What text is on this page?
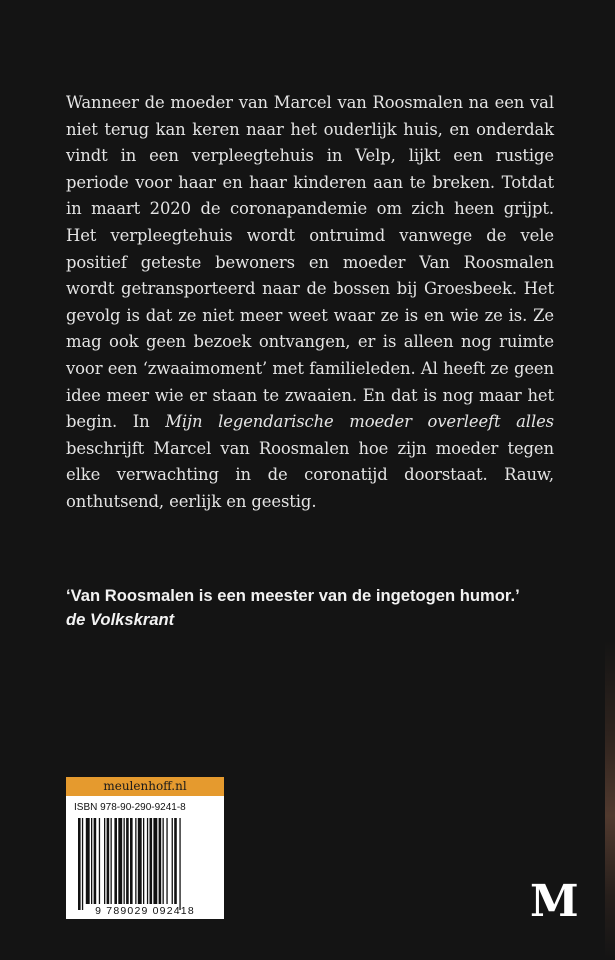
Wanneer de moeder van Marcel van Roosmalen na een val niet terug kan keren naar het ouderlijk huis, en onderdak vindt in een verpleegtehuis in Velp, lijkt een rustige periode voor haar en haar kinderen aan te breken. Totdat in maart 2020 de coronapandemie om zich heen grijpt. Het verpleegtehuis wordt ontruimd vanwege de vele positief geteste bewoners en moeder Van Roosmalen wordt getransporteerd naar de bossen bij Groesbeek. Het gevolg is dat ze niet meer weet waar ze is en wie ze is. Ze mag ook geen bezoek ontvangen, er is alleen nog ruimte voor een ‘zwaaimoment’ met familieleden. Al heeft ze geen idee meer wie er staan te zwaaien. En dat is nog maar het begin. In Mijn legendarische moeder overleeft alles beschrijft Marcel van Roosmalen hoe zijn moeder tegen elke verwachting in de coronatijd doorstaat. Rauw, onthutsend, eerlijk en geestig.

‘Van Roosmalen is een meester van de ingetogen humor.’
de Volkskrant
meulenhoff.nl
ISBN 978-90-290-9241-8
9 789029 092418	M
